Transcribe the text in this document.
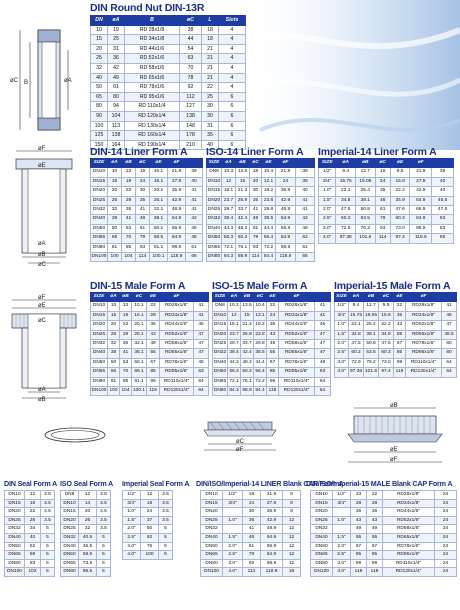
øC B	øA
DIN Round Nut DIN-13R
DN	øA	B	øC	L	Slots
10	19	RD 28x1/8	38	18	4
15	25	RD 34x1/8	44	18	4
20	31	RD 44x1/6	54	21	4
25	36	RD 52x1/6	63	21	4
32	42	RD 58x1/6	70	21	4
40	49	RD 65x1/6	78	21	4
50	61	RD 78x1/6	92	22	4
65	80	RD 95x1/6	112	25	6
80	94	RD 110x1/4	127	30	6
90	104	RD 120x1/4	138	30	6
100	113	RD 130x1/4	148	31	6
125	138	RD 160x1/4	178	35	6
150	164	RD 190x1/4	210	40	6
øF
øE
øA
øB
øC
DIN-14 Liner Form A
SIZE	øA	øB	øC	øE	øF	
DN10	10	13	18	10.1	21.9	39
DN15	16	19	24	16.1	27.9	40
DN20	20	23	30	20.1	35.9	41
DN25	26	29	35	26.1	42.9	41
DN32	32	35	41	32.1	48.9	41
DN40	38	41	48	38.1	54.9	42
DN50	50	53	61	50.1	66.9	48
DN65	66	70	79	66.5	84.9	48
DN80	81	85	93	81.1	98.9	61
DN100	100	104	114	100.1	118.9	66
ISO-14 Liner Form A
SIZE	øA	øB	øC	øE	øF	
DN8	10.3	13.5	18	10.4	21.9	39
DN10	12	15	20	12.1	24	39
DN15	18.1	21.3	30	18.2	35.9	40
DN20	23.7	26.9	35	23.8	42.9	41
DN25	29.7	33.7	41	29.8	48.9	41
DN32	38.4	42.4	48	38.5	54.9	42
DN40	44.3	48.3	61	44.4	66.9	48
DN50	56.3	60.3	79	56.4	84.9	62
DN65	72.1	76.1	93	72.2	98.9	61
DN80	84.3	88.9	114	84.4	118.9	66
Imperial-14 Liner Form A
SIZE	øA	øB	øC	øE	øF	
1/2"	9.4	12.7	16	9.5	21.9	39
3/4"	15.75	19.05	24	15.8	27.9	40
1.0"	22.1	25.4	35	22.2	42.9	40
1.5"	34.8	38.1	48	34.9	54.9	46.5
2.0"	47.5	50.8	61	47.6	66.9	47.5
2.5"	60.2	63.5	79	60.3	84.9	63
3.0"	72.9	76.2	93	73.0	98.9	63
4.0"	97.38	101.6	114	97.4	118.9	65
øF
øE
øC
øA
øB
DIN-15 Male Form A
SIZE	øA	øB	øC	øE	øF	
DN10	10	13	10.1	22	RD28x1/8"	41
DN15	16	19	16.1	28	RD34x1/8"	41
DN20	20	23	20.1	36	RD44x1/6"	45
DN25	26	29	26.1	43	RD52x1/6"	47
DN32	32	35	32.1	49	RD58x1/6"	47
DN40	38	41	38.1	55	RD65x1/6"	47
DN50	50	53	50.1	67	RD78x1/6"	48
DN65	66	70	66.1	85	RD95x1/6"	63
DN80	81	85	81.1	99	RD110x1/4"	64
DN100	100	104	100.1	119	RD130x1/4"	64
ISO-15 Male Form A
SIZE	øA	øB	øC	øE	øF	
DN8	10.3	13.5	10.4	22	RD28x1/8"	41
DN10	12	15	12.1	24	RD34x1/8"	41
DN15	18.1	21.3	18.2	36	RD44x1/6"	45
DN20	23.7	26.9	23.8	43	RD52x1/6"	47
DN25	29.7	33.7	29.8	49	RD58x1/6"	47
DN32	38.4	42.4	38.5	55	RD65x1/6"	47
DN40	44.3	48.3	44.4	67	RD78x1/6"	48
DN50	56.3	60.3	56.4	85	RD95x1/6"	63
DN65	72.1	76.1	72.2	99	RD110x1/4"	64
DN80	84.3	88.9	84.4	119	RD130x1/4"	64
Imperial-15 Male Form A
SIZE	øA	øB	øC	øE	øF	
1/2"	9.4	12.7	9.5	22	RD28x1/8"	41
3/4"	15.75	19.05	15.8	36	RD34x1/8"	46
1.0"	22.1	25.4	22.2	43	RD52x1/6"	47
1.5"	34.8	38.1	34.9	55	RD65x1/6"	48.5
2.0"	47.5	50.8	47.6	67	RD78x1/6"	60
2.5"	60.2	63.5	60.3	85	RD95x1/6"	60
3.0"	72.9	76.2	73.0	99	RD110x1/4"	64
4.0"	97.38	101.6	97.4	119	RD130x1/4"	64
øC
øF
øB
øE
øF
DIN Seal Form A
DN10	12	3.5
DN15	18	3.5
DN20	22	3.5
DN25	28	3.5
DN32	34	5
DN40	40	5
DN50	52	5
DN65	68	5
DN80	83	5
DN100	102	5
ISO Seal Form A
DN8	12	3.5
DN10	14	3.5
DN15	20	3.5
DN20	26	3.5
DN25	32	3.5
DN32	40.5	5
DN40	46.5	5
DN50	58.5	5
DN65	73.5	5
DN80	86.5	5
Imperial Seal Form A
1/2"	12	3.5
3/4"	18	3.5
1.0"	24	3.5
1.5"	37	3.5
2.0"	50	5
2.5"	62	5
3.0"	75	5
4.0"	100	5
DIN/ISO/Imperial-14 LINER Blank CAP Form A
DN10	1/2"	18	21.9	9
DN15	3/4"	24	27.9	9
DN20		30	35.9	9
DN25	1.0"	35	42.9	12
DN32		41	48.9	12
DN40	1.5"	48	54.9	12
DN50	2.0"	61	66.9	12
DN65	2.5"	79	84.9	12
DN80	3.0"	93	98.9	12
DN100	4.0"	114	118.9	18
DIN/ISO/Imperial-15 MALE Blank CAP Form A
DN10	1/2"	23	22	RD28x1/8"	24
DN15	3/4"	28	28	RD34x1/8"	24
DN20		36	36	RD44x1/6"	24
DN25	1.0"	43	43	RD52x1/6"	24
DN32		49	49	RD58x1/6"	24
DN40	1.5"	55	55	RD65x1/6"	24
DN50	2.0"	67	67	RD78x1/6"	24
DN65	2.5"	85	85	RD95x1/6"	24
DN80	3.0"	99	99	RD110x1/4"	24
DN100	4.0"	119	119	RD130x1/4"	24
